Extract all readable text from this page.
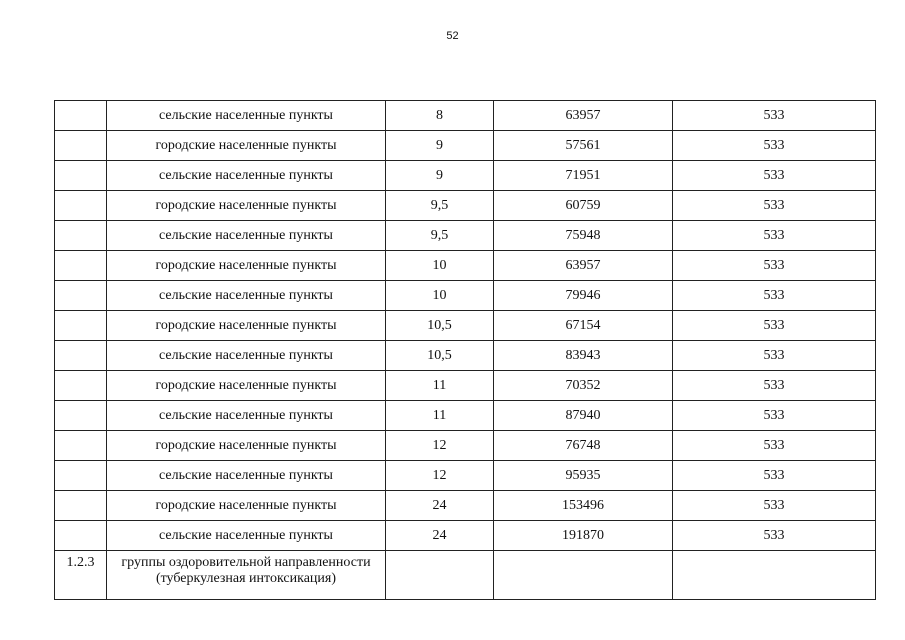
52
	сельские населенные пункты	8	63957	533
	городские населенные пункты	9	57561	533
	сельские населенные пункты	9	71951	533
	городские населенные пункты	9,5	60759	533
	сельские населенные пункты	9,5	75948	533
	городские населенные пункты	10	63957	533
	сельские населенные пункты	10	79946	533
	городские населенные пункты	10,5	67154	533
	сельские населенные пункты	10,5	83943	533
	городские населенные пункты	11	70352	533
	сельские населенные пункты	11	87940	533
	городские населенные пункты	12	76748	533
	сельские населенные пункты	12	95935	533
	городские населенные пункты	24	153496	533
	сельские населенные пункты	24	191870	533
1.2.3	группы оздоровительной направленности
(туберкулезная интоксикация)			
